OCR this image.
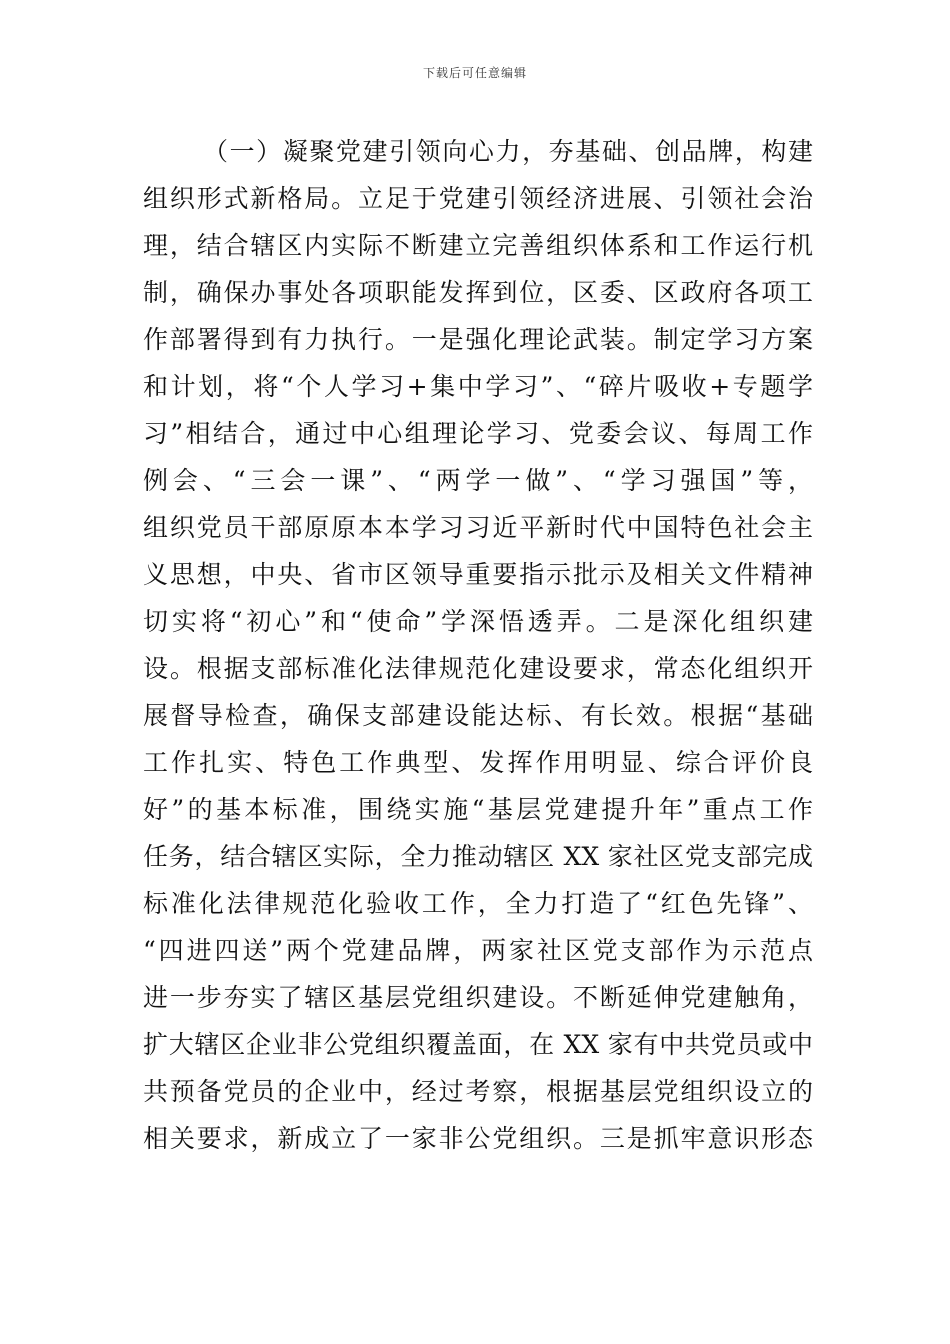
下载后可任意编辑
（一）凝聚党建引领向心力，夯基础、创品牌，构建
组织形式新格局。立足于党建引领经济进展、引领社会治
理，结合辖区内实际不断建立完善组织体系和工作运行机
制，确保办事处各项职能发挥到位，区委、区政府各项工
作部署得到有力执行。一是强化理论武装。制定学习方案
和计划，将“个人学习+集中学习”、“碎片吸收+专题学
习”相结合，通过中心组理论学习、党委会议、每周工作
例会、“三会一课”、“两学一做”、“学习强国”等，
组织党员干部原原本本学习习近平新时代中国特色社会主
义思想，中央、省市区领导重要指示批示及相关文件精神
切实将“初心”和“使命”学深悟透弄。二是深化组织建
设。根据支部标准化法律规范化建设要求，常态化组织开
展督导检查，确保支部建设能达标、有长效。根据“基础
工作扎实、特色工作典型、发挥作用明显、综合评价良
好”的基本标准，围绕实施“基层党建提升年”重点工作
任务，结合辖区实际，全力推动辖区 XX 家社区党支部完成
标准化法律规范化验收工作，全力打造了“红色先锋”、
“四进四送”两个党建品牌，两家社区党支部作为示范点
进一步夯实了辖区基层党组织建设。不断延伸党建触角，
扩大辖区企业非公党组织覆盖面，在 XX 家有中共党员或中
共预备党员的企业中，经过考察，根据基层党组织设立的
相关要求，新成立了一家非公党组织。三是抓牢意识形态
